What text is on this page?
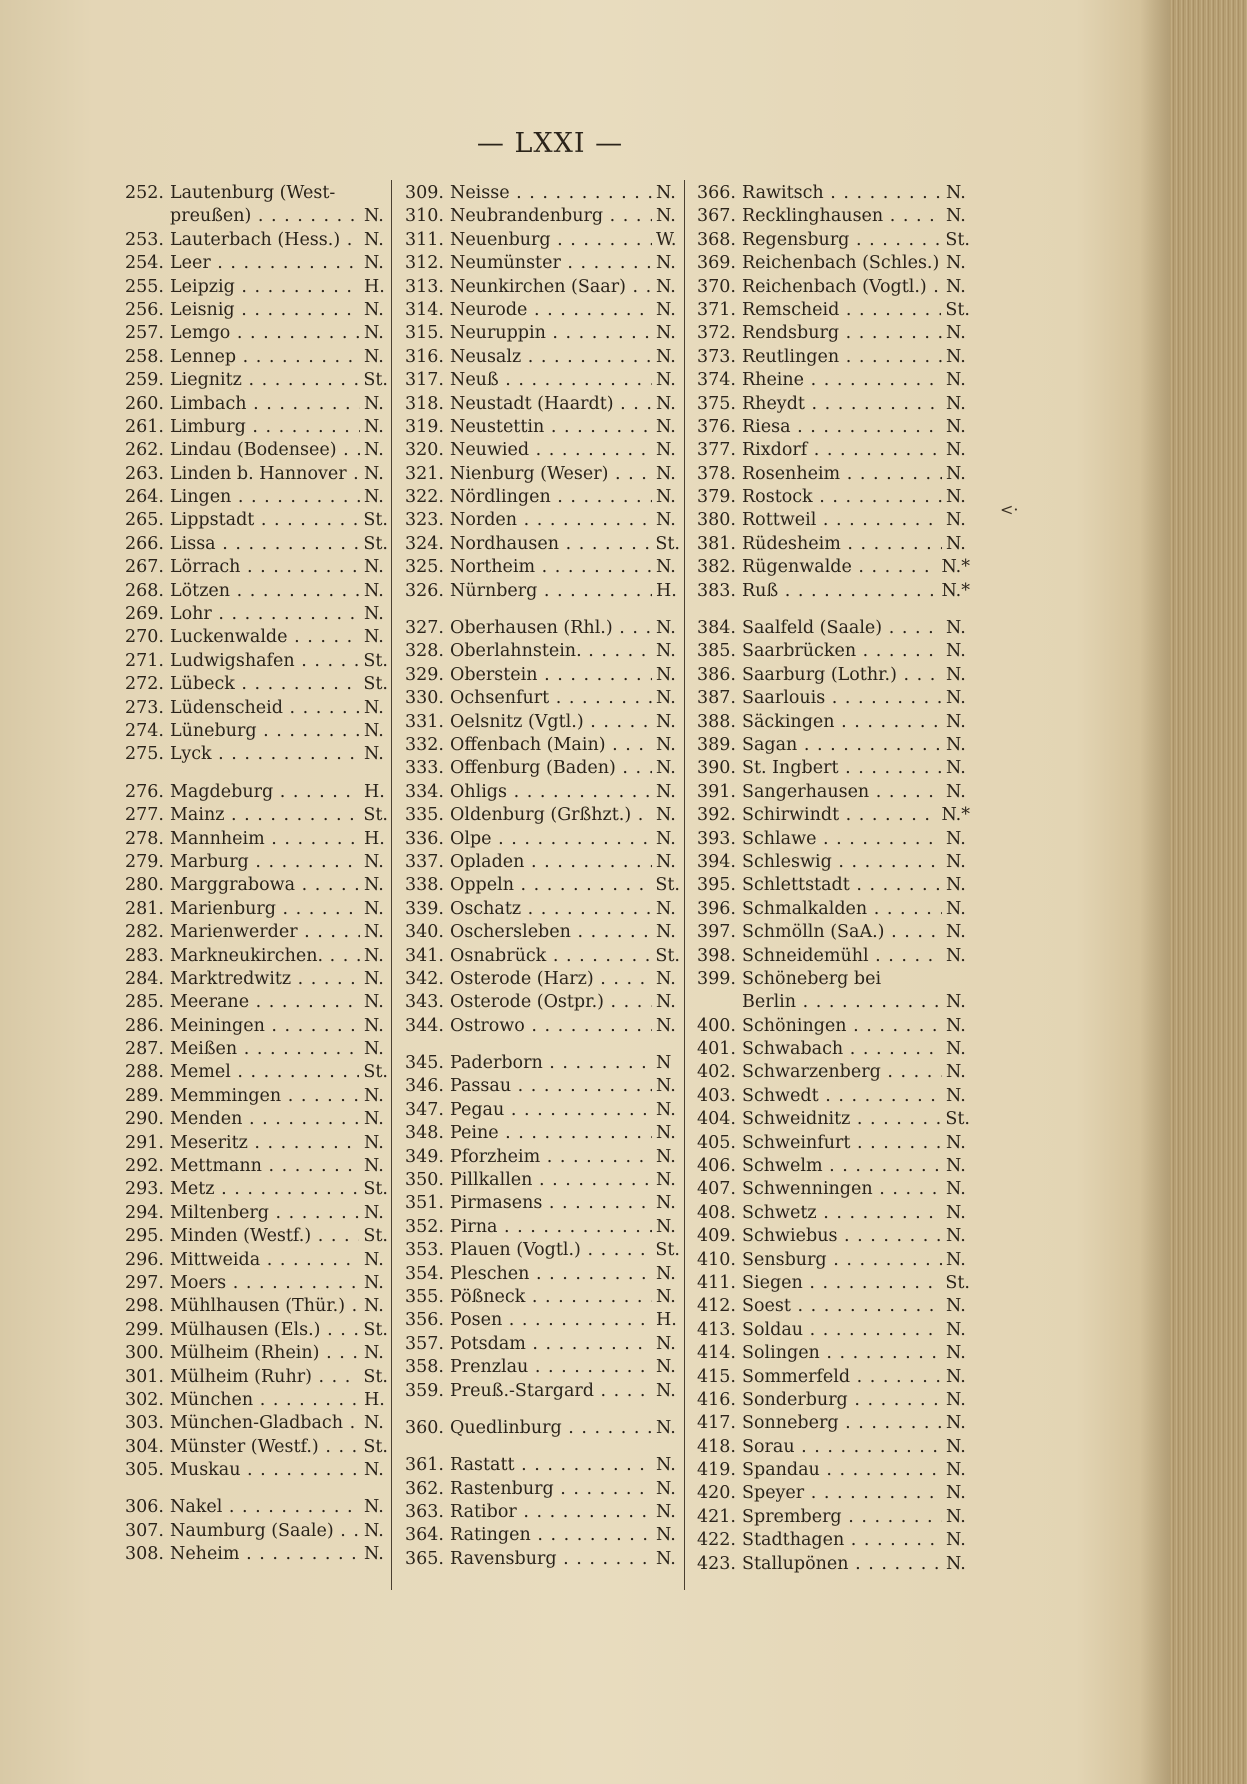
— LXXI —
252. Lautenburg (West-
preußen) . . .	N.
253. Lauterbach (Hess.) . . .	N.
254. Leer . . .	N.
255. Leipzig . . .	H.
256. Leisnig . . .	N.
257. Lemgo . . .	N.
258. Lennep . . .	N.
259. Liegnitz . . .	St.
260. Limbach . . .	N.
261. Limburg . . .	N.
262. Lindau (Bodensee) . . .	N.
263. Linden b. Hannover . . . N.
264. Lingen . . .	N.
265. Lippstadt . . .	St.
266. Lissa . . .	St.
267. Lörrach . . .	N.
268. Lötzen . . .	N.
269. Lohr . . .	N.
270. Luckenwalde . . .	N.
271. Ludwigshafen . . .	St.
272. Lübeck . . .	St.
273. Lüdenscheid . . .	N.
274. Lüneburg . . .	N.
275. Lyck . . .	N.
276. Magdeburg . . .	H.
277. Mainz . . .	St.
278. Mannheim . . .	H.
279. Marburg . . .	N.
280. Marggrabowa . . .	N.
281. Marienburg . . .	N.
282. Marienwerder . . .	N.
283. Markneukirchen. . . .	N.
284. Marktredwitz . . .	N.
285. Meerane . . .	N.
286. Meiningen . . .	N.
287. Meißen . . .	N.
288. Memel . . .	St.
289. Memmingen . . .	N.
290. Menden . . .	N.
291. Meseritz . . .	N.
292. Mettmann . . .	N.
293. Metz . . .	St.
294. Miltenberg . . .	N.
295. Minden (Westf.) . . .	St.
296. Mittweida . . .	N.
297. Moers . . .	N.
298. Mühlhausen (Thür.) . . .	N.
299. Mülhausen (Els.) . . .	St.
300. Mülheim (Rhein) . . .	N.
301. Mülheim (Ruhr) . . .	St.
302. München . . .	H.
303. München-Gladbach . . .	N.
304. Münster (Westf.) . . .	St.
305. Muskau . . .	N.
306. Nakel . . .	N.
307. Naumburg (Saale) . . .	N.
308. Neheim . . .	N.
309. Neisse . . .	N.
310. Neubrandenburg . . .	N.
311. Neuenburg . . .	W.
312. Neumünster . . .	N.
313. Neunkirchen (Saar) . . .	N.
314. Neurode . . .	N.
315. Neuruppin . . .	N.
316. Neusalz . . .	N.
317. Neuß . . .	N.
318. Neustadt (Haardt) . . .	N.
319. Neustettin . . .	N.
320. Neuwied . . .	N.
321. Nienburg (Weser) . . .	N.
322. Nördlingen . . .	N.
323. Norden . . .	N.
324. Nordhausen . . .	St.
325. Northeim . . .	N.
326. Nürnberg . . .	H.
327. Oberhausen (Rhl.) . . .	N.
328. Oberlahnstein. . . .	N.
329. Oberstein . . .	N.
330. Ochsenfurt . . .	N.
331. Oelsnitz (Vgtl.) . . .	N.
332. Offenbach (Main) . . .	N.
333. Offenburg (Baden) . . .	N.
334. Ohligs . . .	N.
335. Oldenburg (Grßhzt.) . . .	N.
336. Olpe . . .	N.
337. Opladen . . .	N.
338. Oppeln . . .	St.
339. Oschatz . . .	N.
340. Oschersleben . . .	N.
341. Osnabrück . . .	St.
342. Osterode (Harz) . . .	N.
343. Osterode (Ostpr.) . . .	N.
344. Ostrowo . . .	N.
345. Paderborn . . .	N
346. Passau . . .	N.
347. Pegau . . .	N.
348. Peine . . .	N.
349. Pforzheim . . .	N.
350. Pillkallen . . .	N.
351. Pirmasens . . .	N.
352. Pirna . . .	N.
353. Plauen (Vogtl.) . . .	St.
354. Pleschen . . .	N.
355. Pößneck . . .	N.
356. Posen . . .	H.
357. Potsdam . . .	N.
358. Prenzlau . . .	N.
359. Preuß.-Stargard . . .	N.
360. Quedlinburg . . .	N.
361. Rastatt . . .	N.
362. Rastenburg . . .	N.
363. Ratibor . . .	N.
364. Ratingen . . .	N.
365. Ravensburg . . .	N.
366. Rawitsch . . .	N.
367. Recklinghausen . . .	N.
368. Regensburg . . .	St.
369. Reichenbach (Schles.) . . . N.
370. Reichenbach (Vogtl.) . . .	N.
371. Remscheid . . .	St.
372. Rendsburg . . .	N.
373. Reutlingen . . .	N.
374. Rheine . . .	N.
375. Rheydt . . .	N.
376. Riesa . . .	N.
377. Rixdorf . . .	N.
378. Rosenheim . . .	N.
379. Rostock . . .	N.
380. Rottweil . . .	N.
381. Rüdesheim . . .	N.
382. Rügenwalde . . .	N.*
383. Ruß . . .	N.*
384. Saalfeld (Saale) . . .	N.
385. Saarbrücken . . .	N.
386. Saarburg (Lothr.) . . .	N.
387. Saarlouis . . .	N.
388. Säckingen . . .	N.
389. Sagan . . .	N.
390. St. Ingbert . . .	N.
391. Sangerhausen . . .	N.
392. Schirwindt . . .	N.*
393. Schlawe . . .	N.
394. Schleswig . . .	N.
395. Schlettstadt . . .	N.
396. Schmalkalden . . .	N.
397. Schmölln (SaA.) . . .	N.
398. Schneidemühl . . .	N.
399. Schöneberg bei
Berlin . . .	N.
400. Schöningen . . .	N.
401. Schwabach . . .	N.
402. Schwarzenberg . . .	N.
403. Schwedt . . .	N.
404. Schweidnitz . . .	St.
405. Schweinfurt . . .	N.
406. Schwelm . . .	N.
407. Schwenningen . . .	N.
408. Schwetz . . .	N.
409. Schwiebus . . .	N.
410. Sensburg . . .	N.
411. Siegen . . .	St.
412. Soest . . .	N.
413. Soldau . . .	N.
414. Solingen . . .	N.
415. Sommerfeld . . .	N.
416. Sonderburg . . .	N.
417. Sonneberg . . .	N.
418. Sorau . . .	N.
419. Spandau . . .	N.
420. Speyer . . .	N.
421. Spremberg . . .	N.
422. Stadthagen . . .	N.
423. Stallupönen . . .	N.
<·
